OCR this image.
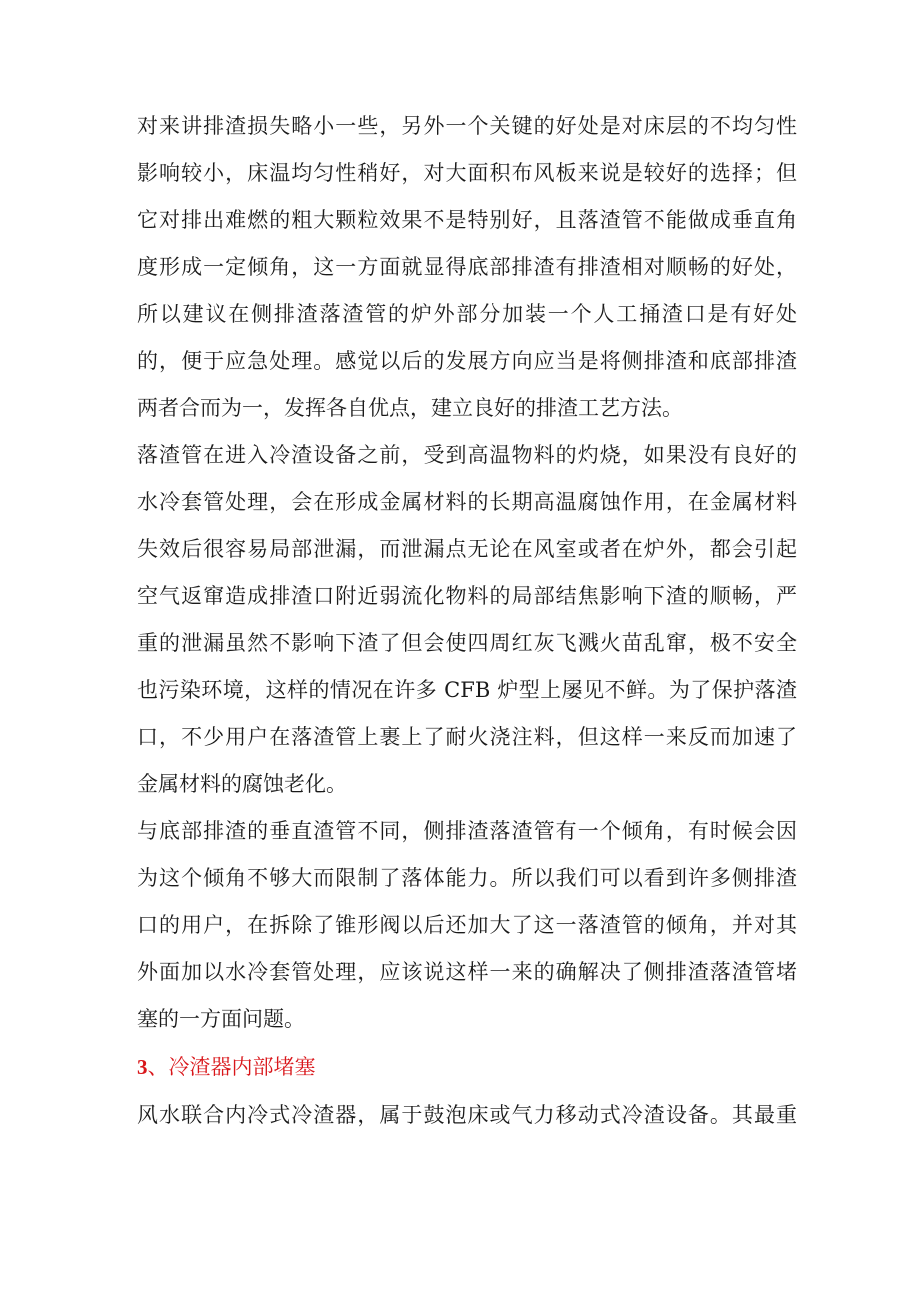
对来讲排渣损失略小一些，另外一个关键的好处是对床层的不均匀性
影响较小，床温均匀性稍好，对大面积布风板来说是较好的选择；但
它对排出难燃的粗大颗粒效果不是特别好，且落渣管不能做成垂直角
度形成一定倾角，这一方面就显得底部排渣有排渣相对顺畅的好处，
所以建议在侧排渣落渣管的炉外部分加装一个人工捅渣口是有好处
的，便于应急处理。感觉以后的发展方向应当是将侧排渣和底部排渣
两者合而为一，发挥各自优点，建立良好的排渣工艺方法。
落渣管在进入冷渣设备之前，受到高温物料的灼烧，如果没有良好的
水冷套管处理，会在形成金属材料的长期高温腐蚀作用，在金属材料
失效后很容易局部泄漏，而泄漏点无论在风室或者在炉外，都会引起
空气返窜造成排渣口附近弱流化物料的局部结焦影响下渣的顺畅，严
重的泄漏虽然不影响下渣了但会使四周红灰飞溅火苗乱窜，极不安全
也污染环境，这样的情况在许多 CFB 炉型上屡见不鲜。为了保护落渣
口，不少用户在落渣管上裹上了耐火浇注料，但这样一来反而加速了
金属材料的腐蚀老化。
与底部排渣的垂直渣管不同，侧排渣落渣管有一个倾角，有时候会因
为这个倾角不够大而限制了落体能力。所以我们可以看到许多侧排渣
口的用户，在拆除了锥形阀以后还加大了这一落渣管的倾角，并对其
外面加以水冷套管处理，应该说这样一来的确解决了侧排渣落渣管堵
塞的一方面问题。
3、冷渣器内部堵塞
风水联合内冷式冷渣器，属于鼓泡床或气力移动式冷渣设备。其最重
